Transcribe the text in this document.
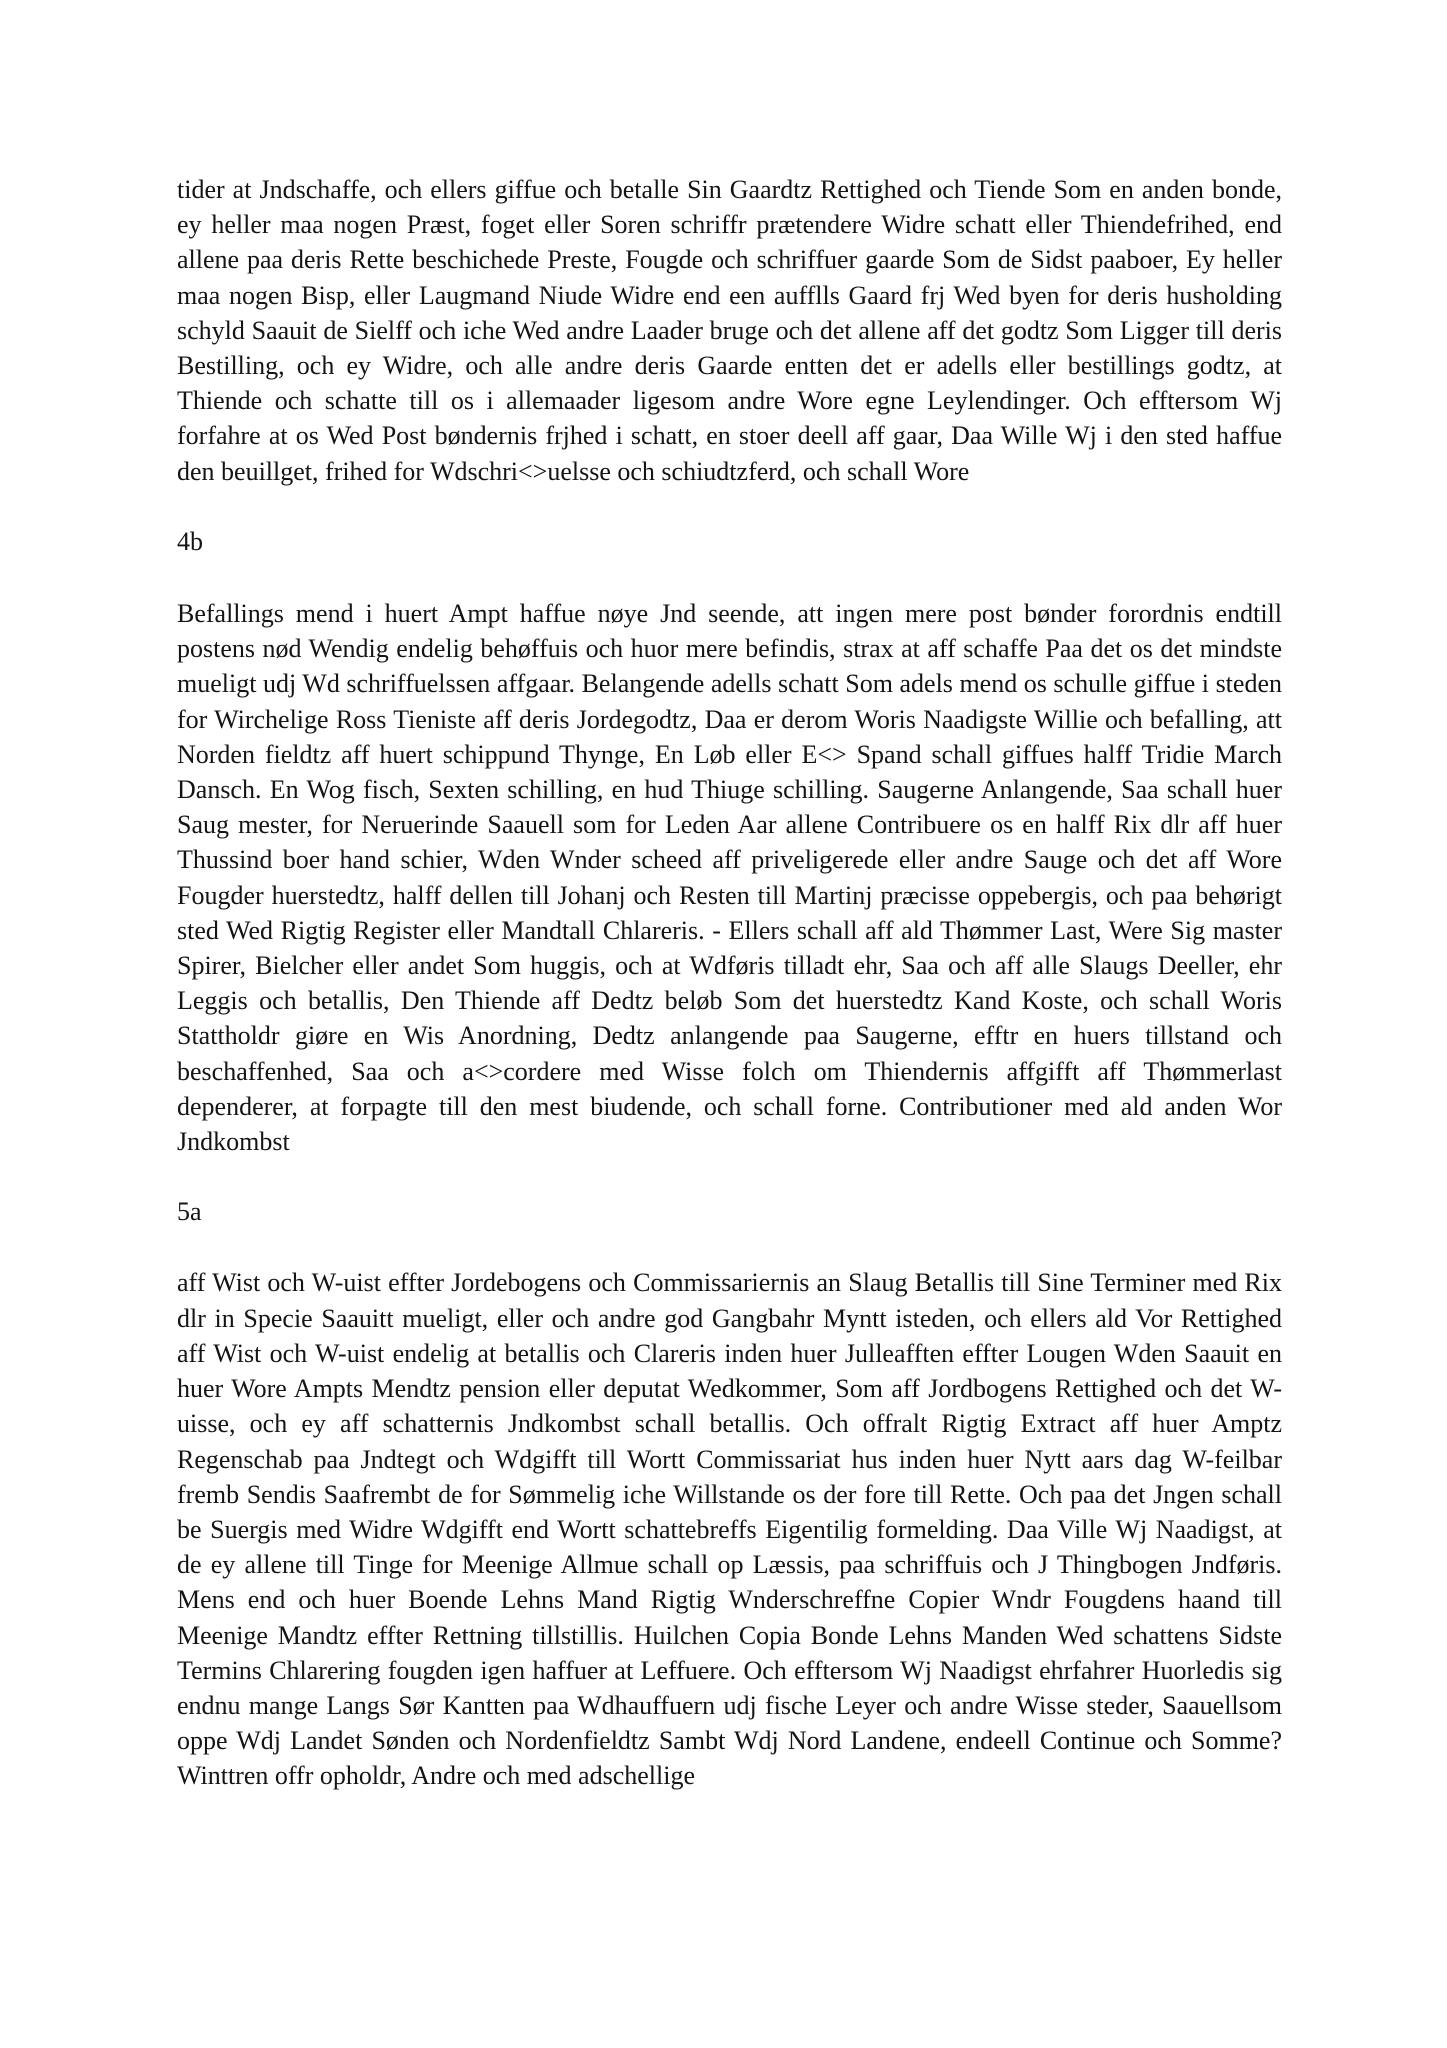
tider at Jndschaffe, och ellers giffue och betalle Sin Gaardtz Rettighed och Tiende Som en anden bonde, ey heller maa nogen Præst, foget eller Soren schriffr prætendere Widre schatt eller Thiendefrihed, end allene paa deris Rette beschichede Preste, Fougde och schriffuer gaarde Som de Sidst paaboer, Ey heller maa nogen Bisp, eller Laugmand Niude Widre end een aufflls Gaard frj Wed byen for deris husholding schyld Saauit de Sielff och iche Wed andre Laader bruge och det allene aff det godtz Som Ligger till deris Bestilling, och ey Widre, och alle andre deris Gaarde entten det er adells eller bestillings godtz, at Thiende och schatte till os i allemaader ligesom andre Wore egne Leylendinger. Och efftersom Wj forfahre at os Wed Post bøndernis frjhed i schatt, en stoer deell aff gaar, Daa Wille Wj i den sted haffue den beuillget, frihed for Wdschri<>uelsse och schiudtzferd, och schall Wore

4b

Befallings mend i huert Ampt haffue nøye Jnd seende, att ingen mere post bønder forordnis endtill postens nød Wendig endelig behøffuis och huor mere befindis, strax at aff schaffe Paa det os det mindste mueligt udj Wd schriffuelssen affgaar. Belangende adells schatt Som adels mend os schulle giffue i steden for Wirchelige Ross Tieniste aff deris Jordegodtz, Daa er derom Woris Naadigste Willie och befalling, att Norden fieldtz aff huert schippund Thynge, En Løb eller E<> Spand schall giffues halff Tridie March Dansch. En Wog fisch, Sexten schilling, en hud Thiuge schilling. Saugerne Anlangende, Saa schall huer Saug mester, for Neruerinde Saauell som for Leden Aar allene Contribuere os en halff Rix dlr aff huer Thussind boer hand schier, Wden Wnder scheed aff priveligerede eller andre Sauge och det aff Wore Fougder huerstedtz, halff dellen till Johanj och Resten till Martinj præcisse oppebergis, och paa behørigt sted Wed Rigtig Register eller Mandtall Chlareris. - Ellers schall aff ald Thømmer Last, Were Sig master Spirer, Bielcher eller andet Som huggis, och at Wdføris tilladt ehr, Saa och aff alle Slaugs Deeller, ehr Leggis och betallis, Den Thiende aff Dedtz beløb Som det huerstedtz Kand Koste, och schall Woris Stattholdr giøre en Wis Anordning, Dedtz anlangende paa Saugerne, efftr en huers tillstand och beschaffenhed, Saa och a<>cordere med Wisse folch om Thiendernis affgifft aff Thømmerlast dependerer, at forpagte till den mest biudende, och schall forne. Contributioner med ald anden Wor Jndkombst

5a

aff Wist och W-uist effter Jordebogens och Commissariernis an Slaug Betallis till Sine Terminer med Rix dlr in Specie Saauitt mueligt, eller och andre god Gangbahr Myntt isteden, och ellers ald Vor Rettighed aff Wist och W-uist endelig at betallis och Clareris inden huer Julleafften effter Lougen Wden Saauit en huer Wore Ampts Mendtz pension eller deputat Wedkommer, Som aff Jordbogens Rettighed och det W-uisse, och ey aff schatternis Jndkombst schall betallis. Och offralt Rigtig Extract aff huer Amptz Regenschab paa Jndtegt och Wdgifft till Wortt Commissariat hus inden huer Nytt aars dag W-feilbar fremb Sendis Saafrembt de for Sømmelig iche Willstande os der fore till Rette. Och paa det Jngen schall be Suergis med Widre Wdgifft end Wortt schattebreffs Eigentilig formelding. Daa Ville Wj Naadigst, at de ey allene till Tinge for Meenige Allmue schall op Læssis, paa schriffuis och J Thingbogen Jndføris. Mens end och huer Boende Lehns Mand Rigtig Wnderschreffne Copier Wndr Fougdens haand till Meenige Mandtz effter Rettning tillstillis. Huilchen Copia Bonde Lehns Manden Wed schattens Sidste Termins Chlarering fougden igen haffuer at Leffuere. Och efftersom Wj Naadigst ehrfahrer Huorledis sig endnu mange Langs Sør Kantten paa Wdhauffuern udj fische Leyer och andre Wisse steder, Saauellsom oppe Wdj Landet Sønden och Nordenfieldtz Sambt Wdj Nord Landene, endeell Continue och Somme? Winttren offr opholdr, Andre och med adschellige
